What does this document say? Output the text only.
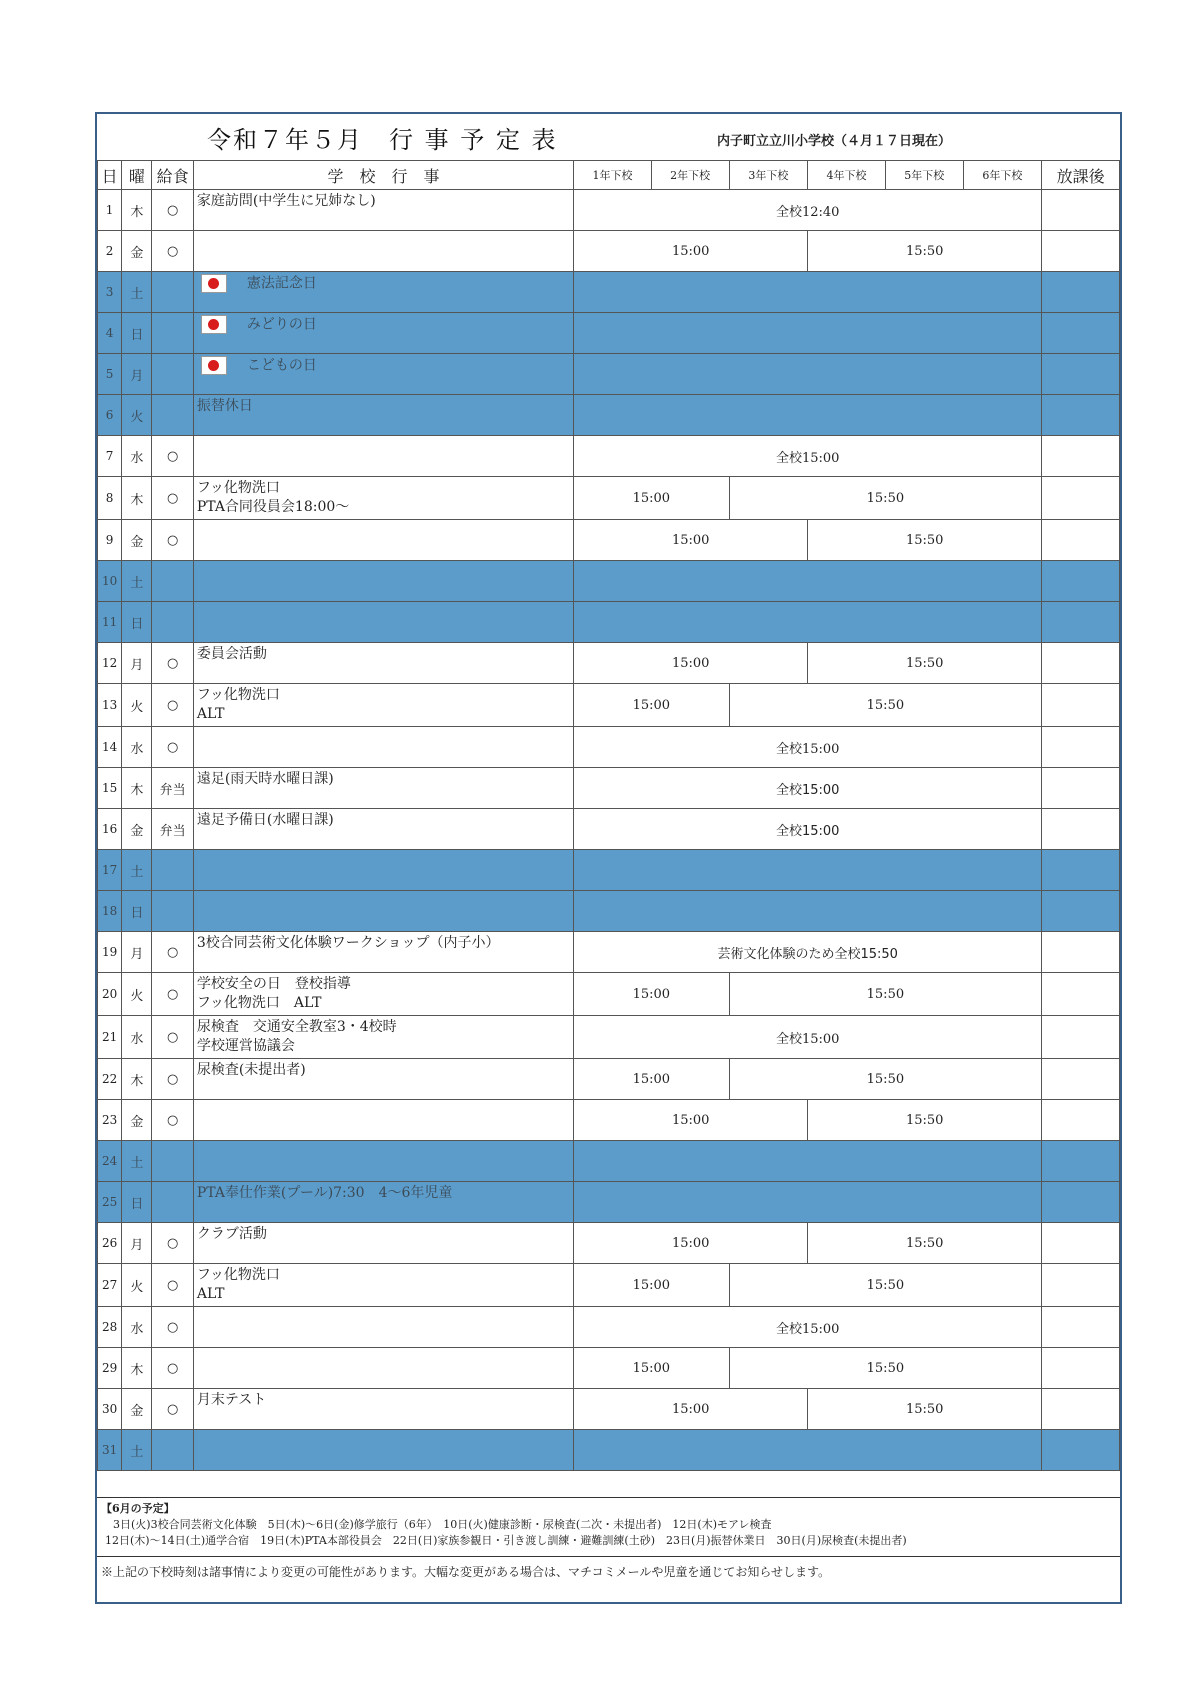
令和７年５月　行 事 予 定 表	内子町立立川小学校（４月１７日現在）
日	曜	給食	学　校　行　事	1年下校	2年下校	3年下校	4年下校	5年下校	6年下校	放課後
1	木	○	家庭訪問(中学生に兄姉なし)	全校12:40						
2	金	○		15:00			15:50			
3	土		憲法記念日							

4	日		みどりの日							

5	月		こどもの日							

6	火		振替休日							

7	水	○		全校15:00						
8	木	○	フッ化物洗口
PTA合同役員会18:00～	15:00		15:50				
9	金	○		15:00			15:50			
10	土									
11	日									
12	月	○	委員会活動	15:00			15:50			
13	火	○	フッ化物洗口
ALT	15:00		15:50				
14	水	○		全校15:00						
15	木	弁当	遠足(雨天時水曜日課)	全校15:00						
16	金	弁当	遠足予備日(水曜日課)	全校15:00						
17	土									
18	日									
19	月	○	3校合同芸術文化体験ワークショップ（内子小）	芸術文化体験のため全校15:50						
20	火	○	学校安全の日　登校指導
フッ化物洗口　ALT	15:00		15:50				
21	水	○	尿検査　交通安全教室3・4校時
学校運営協議会	全校15:00						
22	木	○	尿検査(未提出者)	15:00		15:50				
23	金	○		15:00			15:50			
24	土									
25	日		PTA奉仕作業(プール)7:30　4～6年児童							

26	月	○	クラブ活動	15:00			15:50			
27	火	○	フッ化物洗口
ALT	15:00		15:50				
28	水	○		全校15:00						
29	木	○		15:00		15:50				
30	金	○	月末テスト	15:00			15:50			
31	土									
【6月の予定】
3日(火)3校合同芸術文化体験　5日(木)～6日(金)修学旅行（6年）　10日(火)健康診断・尿検査(二次・未提出者)　12日(木)モアレ検査
12日(木)～14日(土)通学合宿　19日(木)PTA本部役員会　22日(日)家族参観日・引き渡し訓練・避難訓練(土砂)　23日(月)振替休業日　30日(月)尿検査(未提出者)
※上記の下校時刻は諸事情により変更の可能性があります。大幅な変更がある場合は、マチコミメールや児童を通じてお知らせします。
